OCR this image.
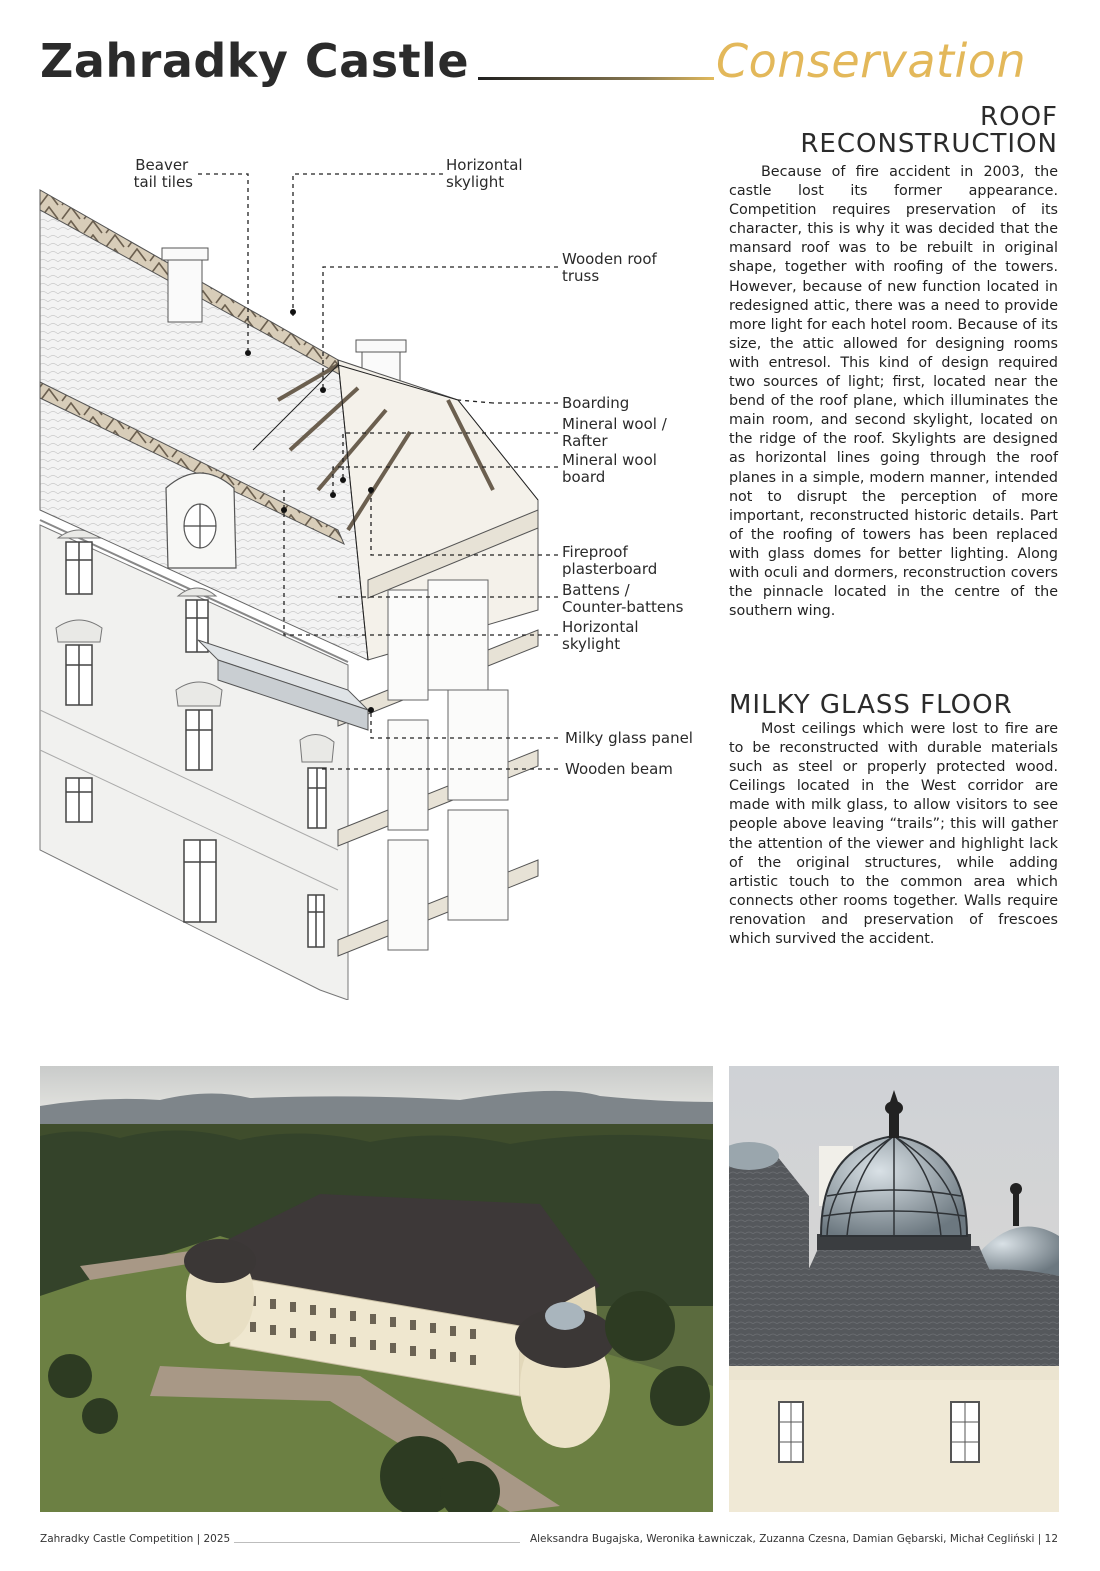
Zahradky Castle	Conservation
ROOF
RECONSTRUCTION
Because of fire accident in 2003, the castle lost its former appearance. Competition requires preservation of its character, this is why it was decided that the mansard roof was to be rebuilt in original shape, together with roofing of the towers. However, because of new function located in redesigned attic, there was a need to provide more light for each hotel room. Because of its size, the attic allowed for designing rooms with entresol. This kind of design required two sources of light; first, located near the bend of the roof plane, which illuminates the main room, and second skylight, located on the ridge of the roof. Skylights are designed as horizontal lines going through the roof planes in a simple, modern manner, intended not to disrupt the perception of more important, reconstructed historic details. Part of the roofing of towers has been replaced with glass domes for better lighting. Along with oculi and dormers, reconstruction covers the pinnacle located in the centre of the southern wing.
MILKY GLASS FLOOR
Most ceilings which were lost to fire are to be reconstructed with durable materials such as steel or properly protected wood. Ceilings located in the West corridor are made with milk glass, to allow visitors to see people above leaving “trails”; this will gather the attention of the viewer and highlight lack of the original structures, while adding artistic touch to the common area which connects other rooms together. Walls require renovation and preservation of frescoes which survived the accident.
Beaver tail tiles
Horizontal skylight
Wooden roof truss
Boarding
Mineral wool / Rafter
Mineral wool board
Fireproof plasterboard
Battens / Counter-battens
Horizontal skylight
Milky glass panel
Wooden beam
Zahradky Castle Competition | 2025	Aleksandra Bugajska, Weronika Ławniczak, Zuzanna Czesna, Damian Gębarski, Michał Cegliński | 12
